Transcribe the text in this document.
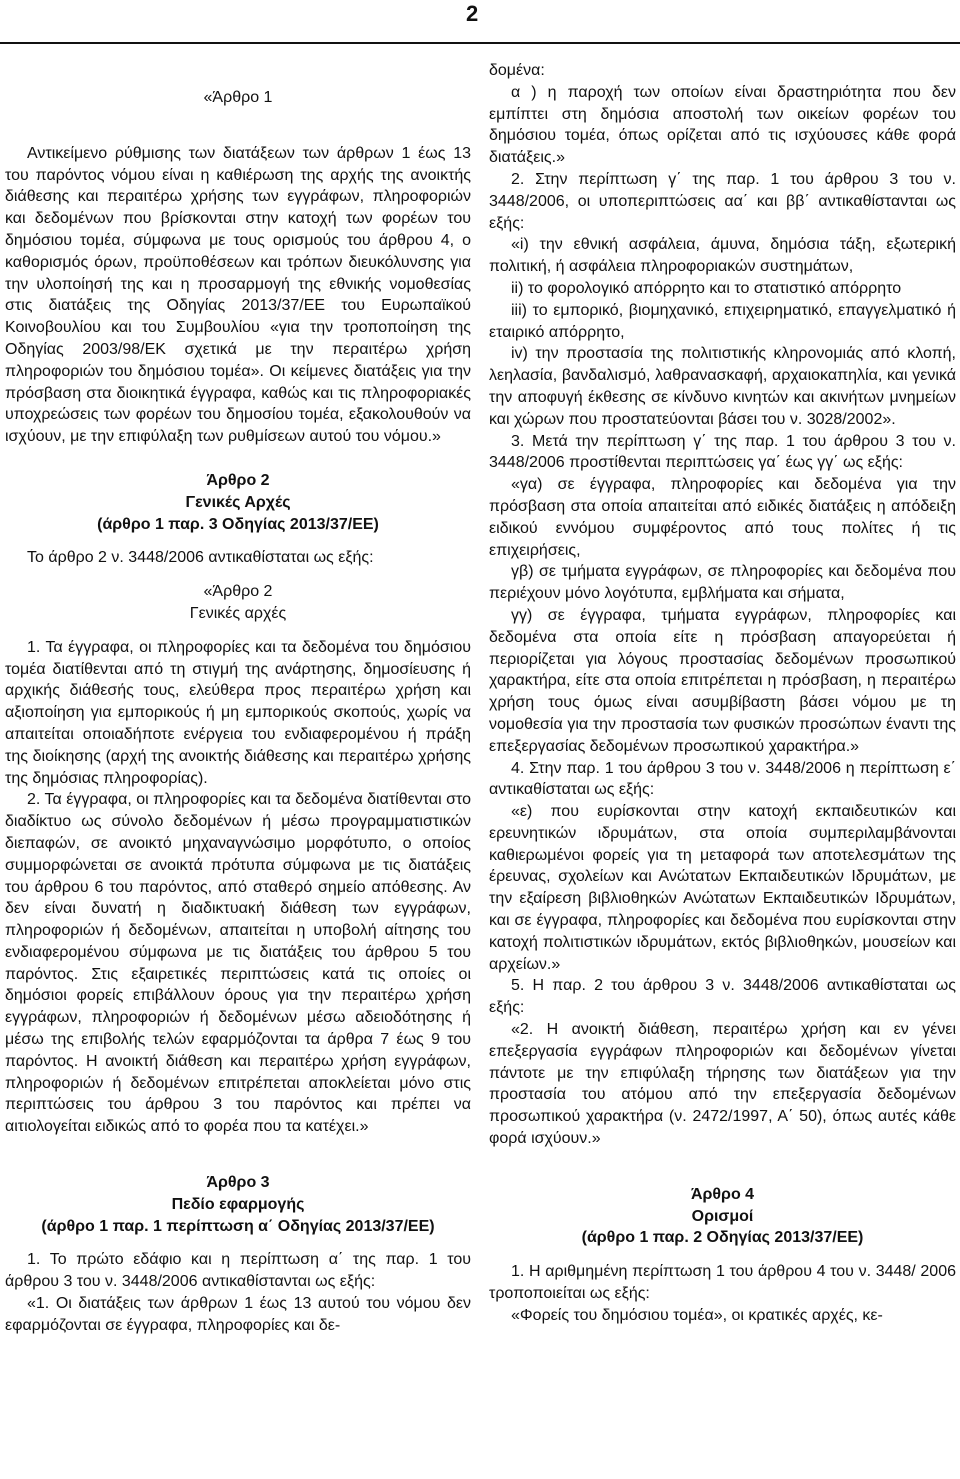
2

«Άρθρο 1

Αντικείμενο ρύθμισης των διατάξεων των άρθρων 1 έως 13 του παρόντος νόμου είναι η καθιέρωση της αρχής της ανοικτής διάθεσης και περαιτέρω χρήσης των εγγράφων, πληροφοριών και δεδομένων που βρίσκονται στην κατοχή των φορέων του δημόσιου τομέα, σύμφωνα με τους ορισμούς του άρθρου 4, ο καθορισμός όρων, προϋποθέσεων και τρόπων διευκόλυνσης για την υλοποίησή της και η προσαρμογή της εθνικής νομοθεσίας στις διατάξεις της Οδηγίας 2013/37/ΕΕ του Ευρωπαϊκού Κοινοβουλίου και του Συμβουλίου «για την τροποποίηση της Οδηγίας 2003/98/ΕΚ σχετικά με την περαιτέρω χρήση πληροφοριών του δημόσιου τομέα». Οι κείμενες διατάξεις για την πρόσβαση στα διοικητικά έγγραφα, καθώς και τις πληροφοριακές υποχρεώσεις των φορέων του δημοσίου τομέα, εξακολουθούν να ισχύουν, με την επιφύλαξη των ρυθμίσεων αυτού του νόμου.»

Άρθρο 2

Γενικές Αρχές

(άρθρο 1 παρ. 3 Οδηγίας 2013/37/ΕΕ)

Το άρθρο 2 ν. 3448/2006 αντικαθίσταται ως εξής:

«Άρθρο 2

Γενικές αρχές

1. Τα έγγραφα, οι πληροφορίες και τα δεδομένα του δημόσιου τομέα διατίθενται από τη στιγμή της ανάρτησης, δημοσίευσης ή αρχικής διάθεσής τους, ελεύθερα προς περαιτέρω χρήση και αξιοποίηση για εμπορικούς ή μη εμπορικούς σκοπούς, χωρίς να απαιτείται οποιαδήποτε ενέργεια του ενδιαφερομένου ή πράξη της διοίκησης (αρχή της ανοικτής διάθεσης και περαιτέρω χρήσης της δημόσιας πληροφορίας).

2. Τα έγγραφα, οι πληροφορίες και τα δεδομένα διατίθενται στο διαδίκτυο ως σύνολο δεδομένων ή μέσω προγραμματιστικών διεπαφών, σε ανοικτό μηχαναγνώσιμο μορφότυπο, ο οποίος συμμορφώνεται σε ανοικτά πρότυπα σύμφωνα με τις διατάξεις του άρθρου 6 του παρόντος, από σταθερό σημείο απόθεσης. Αν δεν είναι δυνατή η διαδικτυακή διάθεση των εγγράφων, πληροφοριών ή δεδομένων, απαιτείται η υποβολή αίτησης του ενδιαφερομένου σύμφωνα με τις διατάξεις του άρθρου 5 του παρόντος. Στις εξαιρετικές περιπτώσεις κατά τις οποίες οι δημόσιοι φορείς επιβάλλουν όρους για την περαιτέρω χρήση εγγράφων, πληροφοριών ή δεδομένων μέσω αδειοδότησης ή μέσω της επιβολής τελών εφαρμόζονται τα άρθρα 7 έως 9 του παρόντος. Η ανοικτή διάθεση και περαιτέρω χρήση εγγράφων, πληροφοριών ή δεδομένων επιτρέπεται αποκλείεται μόνο στις περιπτώσεις του άρθρου 3 του παρόντος και πρέπει να αιτιολογείται ειδικώς από το φορέα που τα κατέχει.»

Άρθρο 3

Πεδίο εφαρμογής

(άρθρο 1 παρ. 1 περίπτωση α΄ Οδηγίας 2013/37/ΕΕ)

1. Το πρώτο εδάφιο και η περίπτωση α΄ της παρ. 1 του άρθρου 3 του ν. 3448/2006 αντικαθίστανται ως εξής:

«1. Οι διατάξεις των άρθρων 1 έως 13 αυτού του νόμου δεν εφαρμόζονται σε έγγραφα, πληροφορίες και δε-

δομένα:

α ) η παροχή των οποίων είναι δραστηριότητα που δεν εμπίπτει στη δημόσια αποστολή των οικείων φορέων του δημόσιου τομέα, όπως ορίζεται από τις ισχύουσες κάθε φορά διατάξεις.»

2. Στην περίπτωση γ΄ της παρ. 1 του άρθρου 3 του ν. 3448/2006, οι υποπεριπτώσεις αα΄ και ββ΄ αντικαθίστανται ως εξής:

«i) την εθνική ασφάλεια, άμυνα, δημόσια τάξη, εξωτερική πολιτική, ή ασφάλεια πληροφοριακών συστημάτων,

ii) το φορολογικό απόρρητο και το στατιστικό απόρρητο

iii) το εμπορικό, βιομηχανικό, επιχειρηματικό, επαγγελματικό ή εταιρικό απόρρητο,

iv) την προστασία της πολιτιστικής κληρονομιάς από κλοπή, λεηλασία, βανδαλισμό, λαθρανασκαφή, αρχαιοκαπηλία, και γενικά την αποφυγή έκθεσης σε κίνδυνο κινητών και ακινήτων μνημείων και χώρων που προστατεύονται βάσει του ν. 3028/2002».

3. Μετά την περίπτωση γ΄ της παρ. 1 του άρθρου 3 του ν. 3448/2006 προστίθενται περιπτώσεις γα΄ έως γγ΄ ως εξής:

«γα) σε έγγραφα, πληροφορίες και δεδομένα για την πρόσβαση στα οποία απαιτείται από ειδικές διατάξεις η απόδειξη ειδικού εννόμου συμφέροντος από τους πολίτες ή τις επιχειρήσεις,

γβ) σε τμήματα εγγράφων, σε πληροφορίες και δεδομένα που περιέχουν μόνο λογότυπα, εμβλήματα και σήματα,

γγ) σε έγγραφα, τμήματα εγγράφων, πληροφορίες και δεδομένα στα οποία είτε η πρόσβαση απαγορεύεται ή περιορίζεται για λόγους προστασίας δεδομένων προσωπικού χαρακτήρα, είτε στα οποία επιτρέπεται η πρόσβαση, η περαιτέρω χρήση τους όμως είναι ασυμβίβαστη βάσει νόμου με τη νομοθεσία για την προστασία των φυσικών προσώπων έναντι της επεξεργασίας δεδομένων προσωπικού χαρακτήρα.»

4. Στην παρ. 1 του άρθρου 3 του ν. 3448/2006 η περίπτωση ε΄ αντικαθίσταται ως εξής:

«ε) που ευρίσκονται στην κατοχή εκπαιδευτικών και ερευνητικών ιδρυμάτων, στα οποία συμπεριλαμβάνονται καθιερωμένοι φορείς για τη μεταφορά των αποτελεσμάτων της έρευνας, σχολείων και Ανώτατων Εκπαιδευτικών Ιδρυμάτων, με την εξαίρεση βιβλιοθηκών Ανώτατων Εκπαιδευτικών Ιδρυμάτων, και σε έγγραφα, πληροφορίες και δεδομένα που ευρίσκονται στην κατοχή πολιτιστικών ιδρυμάτων, εκτός βιβλιοθηκών, μουσείων και αρχείων.»

5. Η παρ. 2 του άρθρου 3 ν. 3448/2006 αντικαθίσταται ως εξής:

«2. Η ανοικτή διάθεση, περαιτέρω χρήση και εν γένει επεξεργασία εγγράφων πληροφοριών και δεδομένων γίνεται πάντοτε με την επιφύλαξη τήρησης των διατάξεων για την προστασία του ατόμου από την επεξεργασία δεδομένων προσωπικού χαρακτήρα (ν. 2472/1997, Α΄ 50), όπως αυτές κάθε φορά ισχύουν.»

Άρθρο 4

Ορισμοί

(άρθρο 1 παρ. 2 Οδηγίας 2013/37/ΕΕ)

1. Η αριθμημένη περίπτωση 1 του άρθρου 4 του ν. 3448/ 2006 τροποποιείται ως εξής:

«Φορείς του δημόσιου τομέα», οι κρατικές αρχές, κε-
